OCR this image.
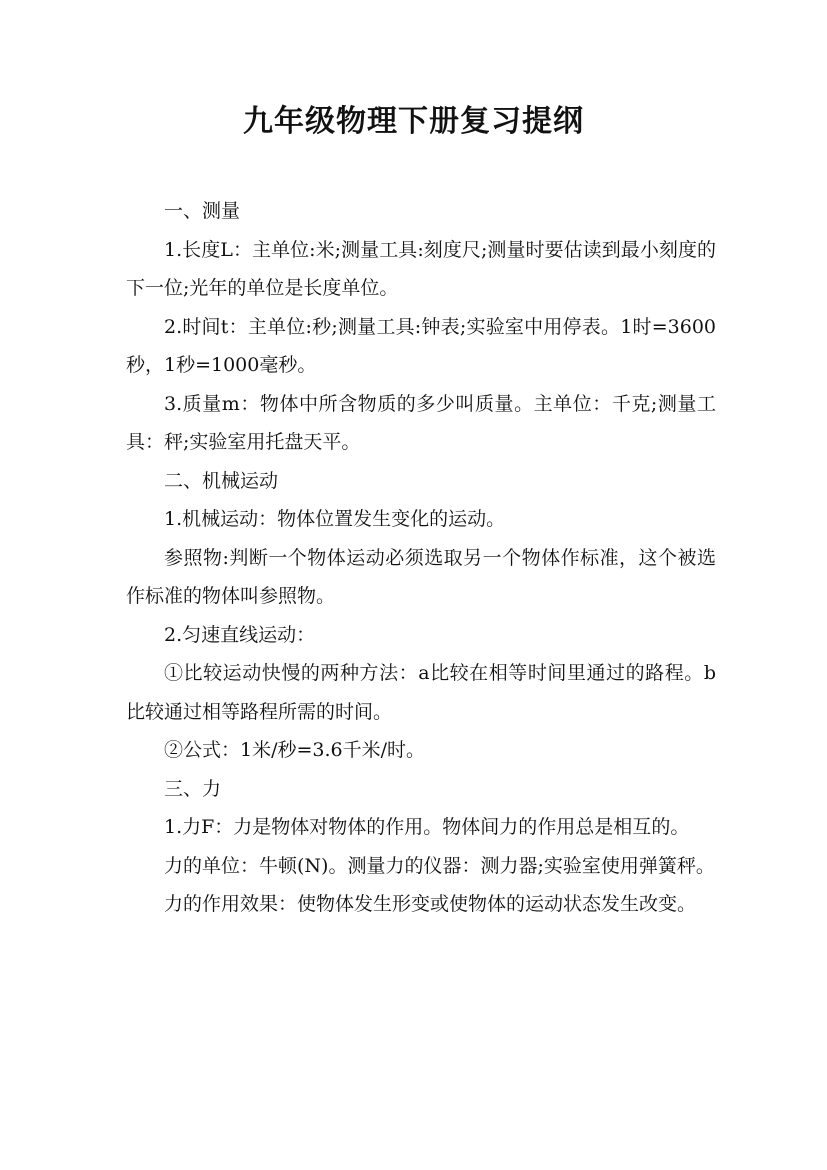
九年级物理下册复习提纲

一、测量

1.长度L：主单位:米;测量工具:刻度尺;测量时要估读到最小刻度的下一位;光年的单位是长度单位。

2.时间t：主单位:秒;测量工具:钟表;实验室中用停表。1时=3600秒，1秒=1000毫秒。

3.质量m：物体中所含物质的多少叫质量。主单位：千克;测量工具：秤;实验室用托盘天平。

二、机械运动

1.机械运动：物体位置发生变化的运动。

参照物:判断一个物体运动必须选取另一个物体作标准，这个被选作标准的物体叫参照物。

2.匀速直线运动：

①比较运动快慢的两种方法：a比较在相等时间里通过的路程。b比较通过相等路程所需的时间。

②公式：1米/秒=3.6千米/时。

三、力

1.力F：力是物体对物体的作用。物体间力的作用总是相互的。

力的单位：牛顿(N)。测量力的仪器：测力器;实验室使用弹簧秤。

力的作用效果：使物体发生形变或使物体的运动状态发生改变。
